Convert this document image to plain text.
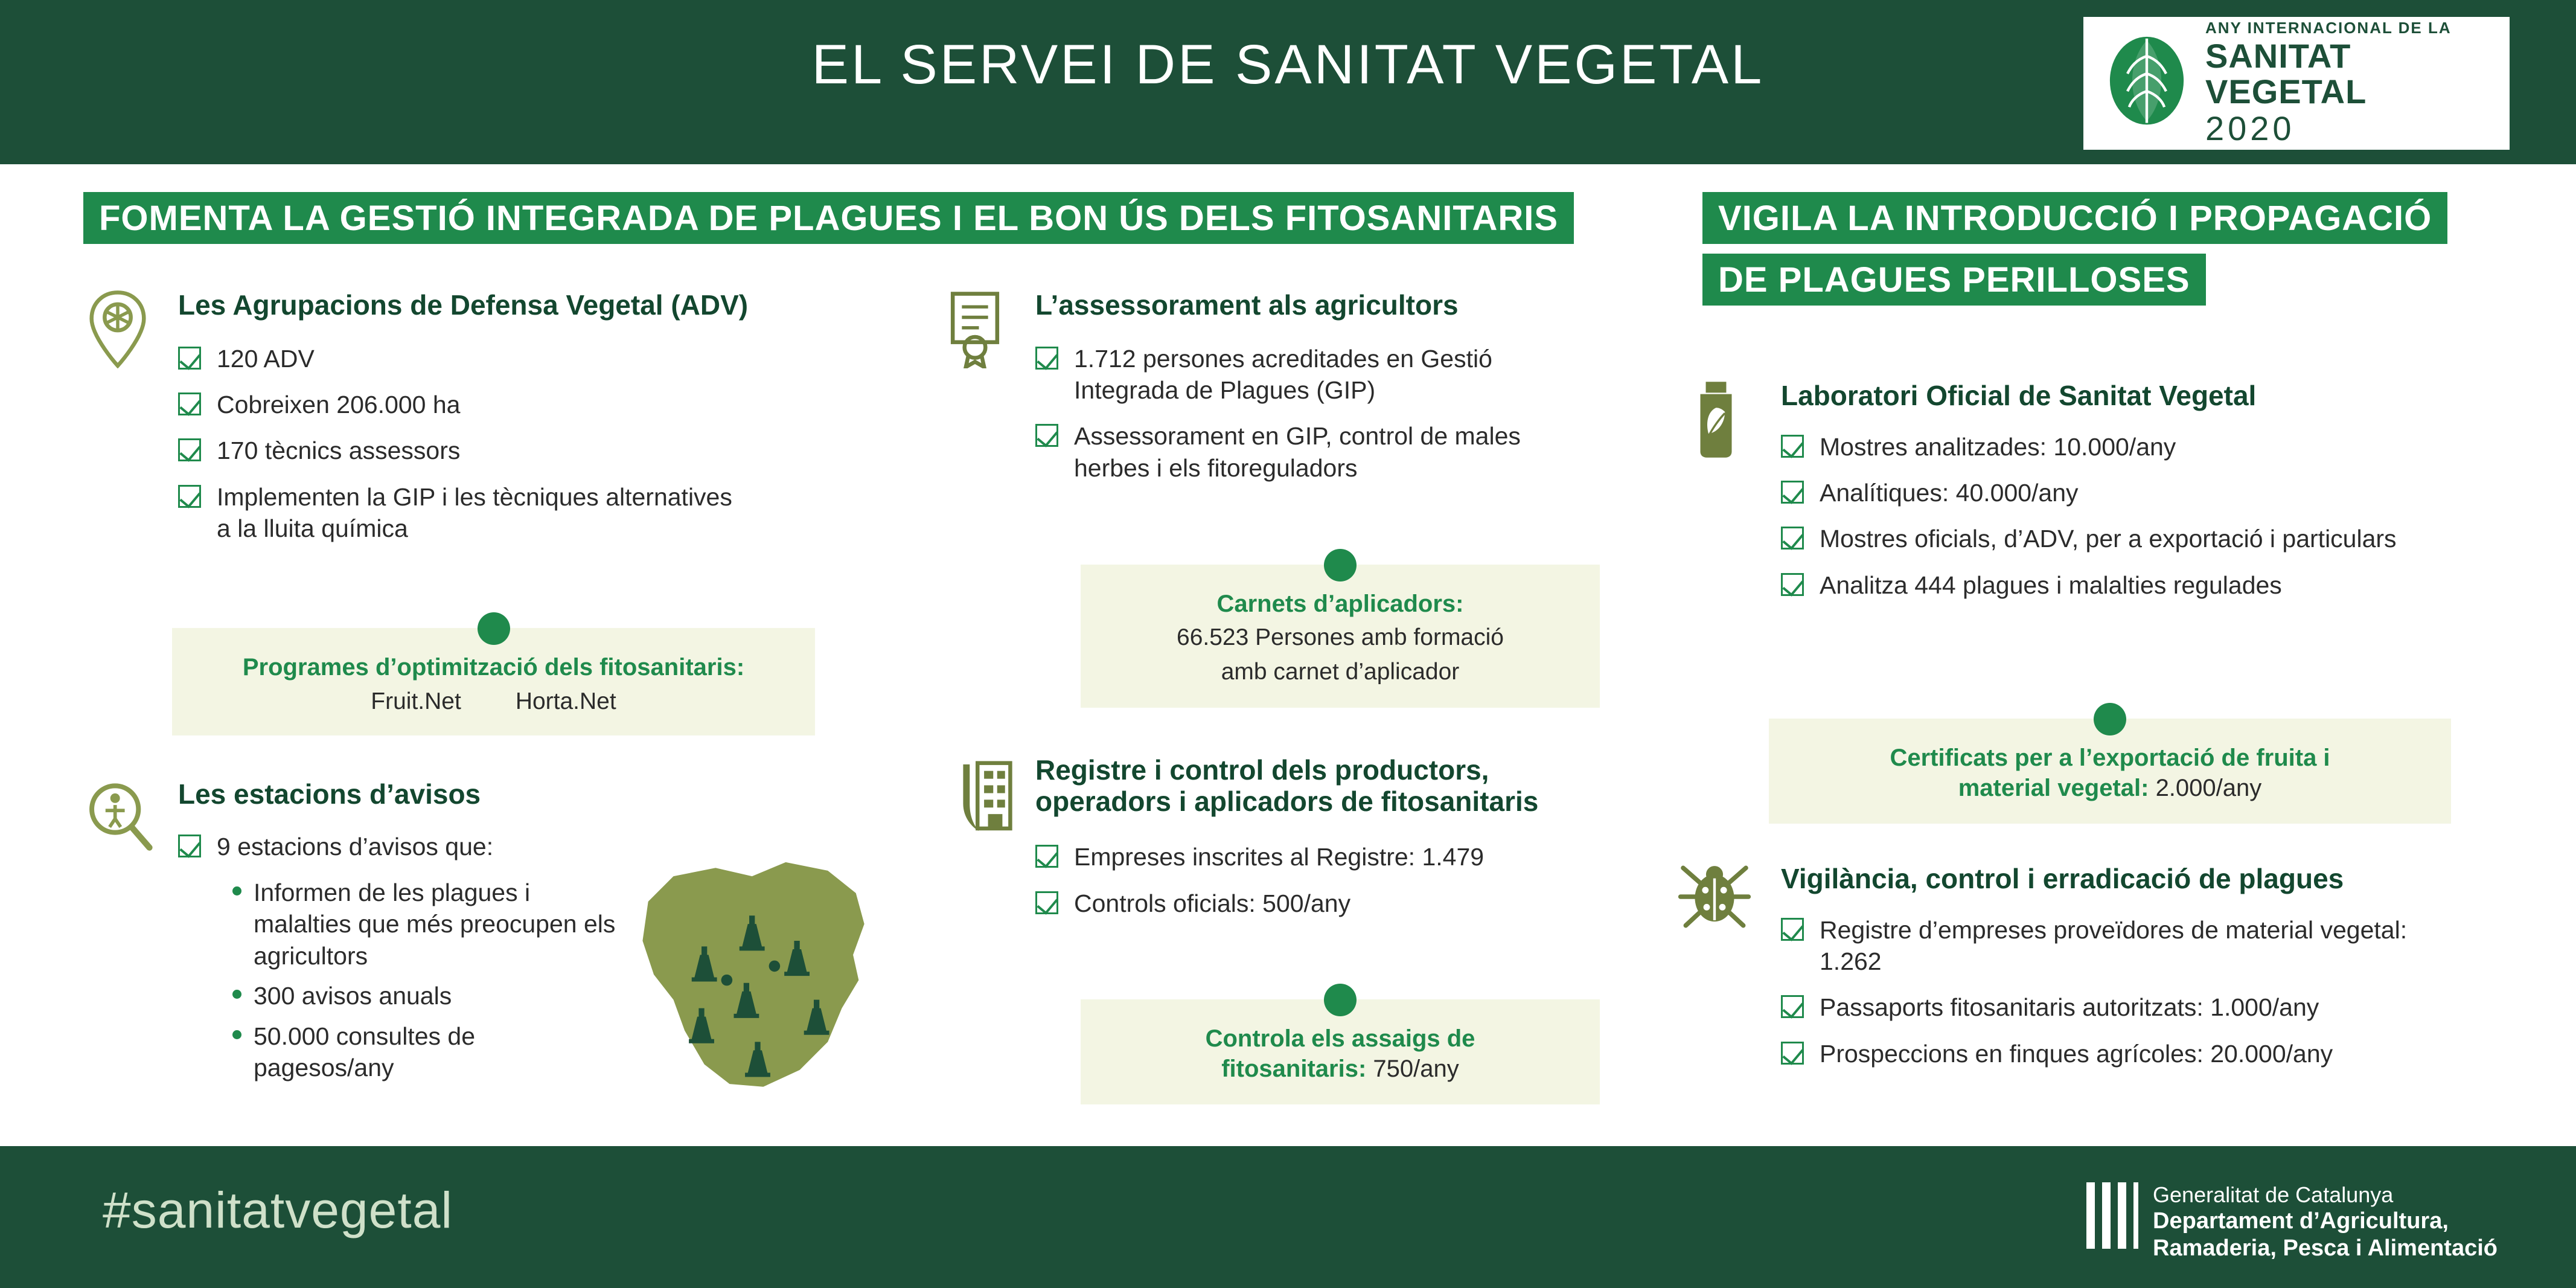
EL SERVEI DE SANITAT VEGETAL
ANY INTERNACIONAL DE LA
SANITAT VEGETAL
2020
FOMENTA LA GESTIÓ INTEGRADA DE PLAGUES I EL BON ÚS DELS FITOSANITARIS	VIGILA LA INTRODUCCIÓ I PROPAGACIÓ
DE PLAGUES PERILLOSES
Les Agrupacions de Defensa Vegetal (ADV)
120 ADV
Cobreixen 206.000 ha
170 tècnics assessors
Implementen la GIP i les tècniques alternatives a la lluita química
Programes d’optimització dels fitosanitaris:
Fruit.Net Horta.Net
Les estacions d’avisos
9 estacions d’avisos que:
Informen de les plagues i malalties que més preocupen els agricultors
300 avisos anuals
50.000 consultes de pagesos/any
L’assessorament als agricultors
1.712 persones acreditades en Gestió Integrada de Plagues (GIP)
Assessorament en GIP, control de males herbes i els fitoreguladors
Carnets d’aplicadors:
66.523 Persones amb formació
amb carnet d’aplicador
Registre i control dels productors,
operadors i aplicadors de fitosanitaris
Empreses inscrites al Registre: 1.479
Controls oficials: 500/any
Controla els assaigs de
fitosanitaris: 750/any
Laboratori Oficial de Sanitat Vegetal
Mostres analitzades: 10.000/any
Analítiques: 40.000/any
Mostres oficials, d’ADV, per a exportació i particulars
Analitza 444 plagues i malalties regulades
Certificats per a l’exportació de fruita i
material vegetal: 2.000/any
Vigilància, control i erradicació de plagues
Registre d’empreses proveïdores de material vegetal: 1.262
Passaports fitosanitaris autoritzats: 1.000/any
Prospeccions en finques agrícoles: 20.000/any
#sanitatvegetal	Generalitat de Catalunya
Departament d’Agricultura,
Ramaderia, Pesca i Alimentació
